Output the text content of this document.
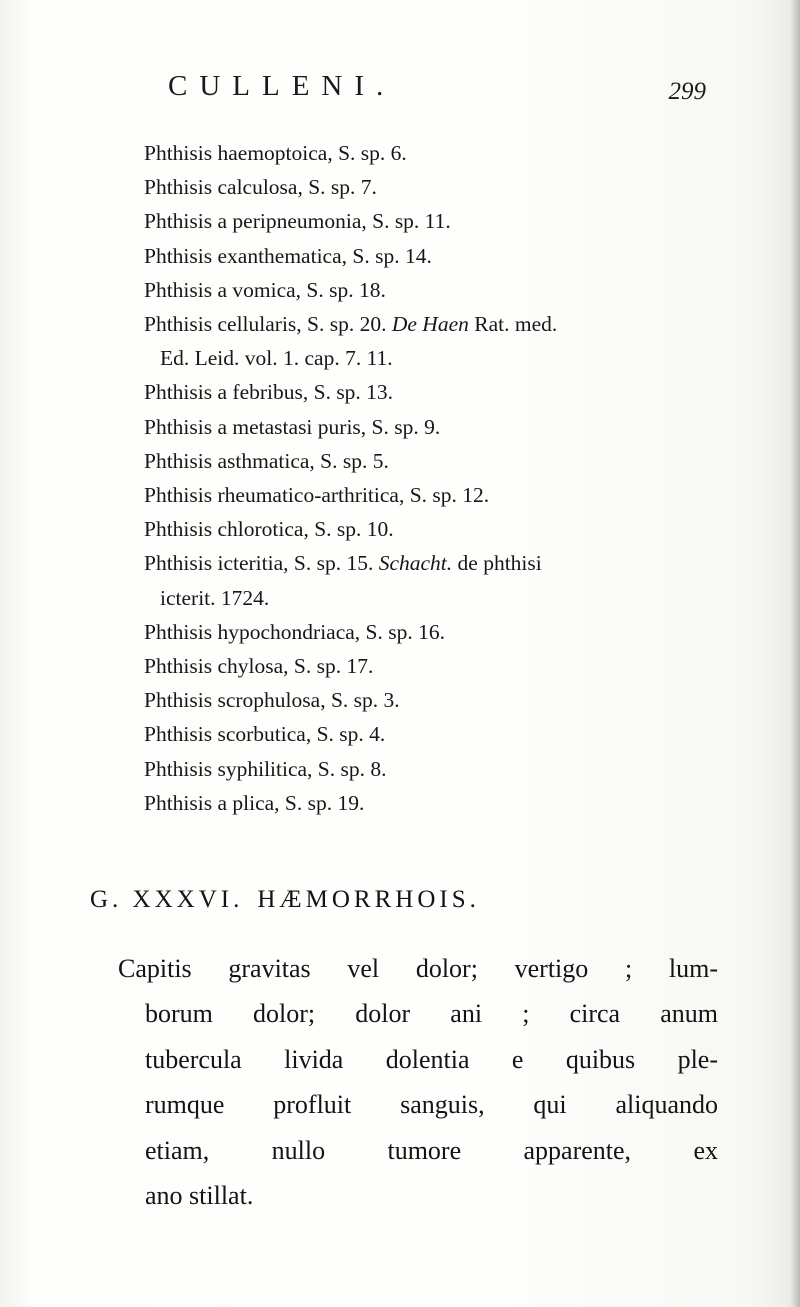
CULLENI.	299
Phthisis haemoptoica, S. sp. 6.
Phthisis calculosa, S. sp. 7.
Phthisis a peripneumonia, S. sp. 11.
Phthisis exanthematica, S. sp. 14.
Phthisis a vomica, S. sp. 18.
Phthisis cellularis, S. sp. 20. De Haen Rat. med.
Ed. Leid. vol. 1. cap. 7. 11.
Phthisis a febribus, S. sp. 13.
Phthisis a metastasi puris, S. sp. 9.
Phthisis asthmatica, S. sp. 5.
Phthisis rheumatico-arthritica, S. sp. 12.
Phthisis chlorotica, S. sp. 10.
Phthisis icteritia, S. sp. 15. Schacht. de phthisi
icterit. 1724.
Phthisis hypochondriaca, S. sp. 16.
Phthisis chylosa, S. sp. 17.
Phthisis scrophulosa, S. sp. 3.
Phthisis scorbutica, S. sp. 4.
Phthisis syphilitica, S. sp. 8.
Phthisis a plica, S. sp. 19.
G. XXXVI. HÆMORRHOIS.
Capitis gravitas vel dolor; vertigo ; lum-
borum dolor; dolor ani ; circa anum
tubercula livida dolentia e quibus ple-
rumque profluit sanguis, qui aliquando
etiam, nullo tumore apparente, ex
ano stillat.
